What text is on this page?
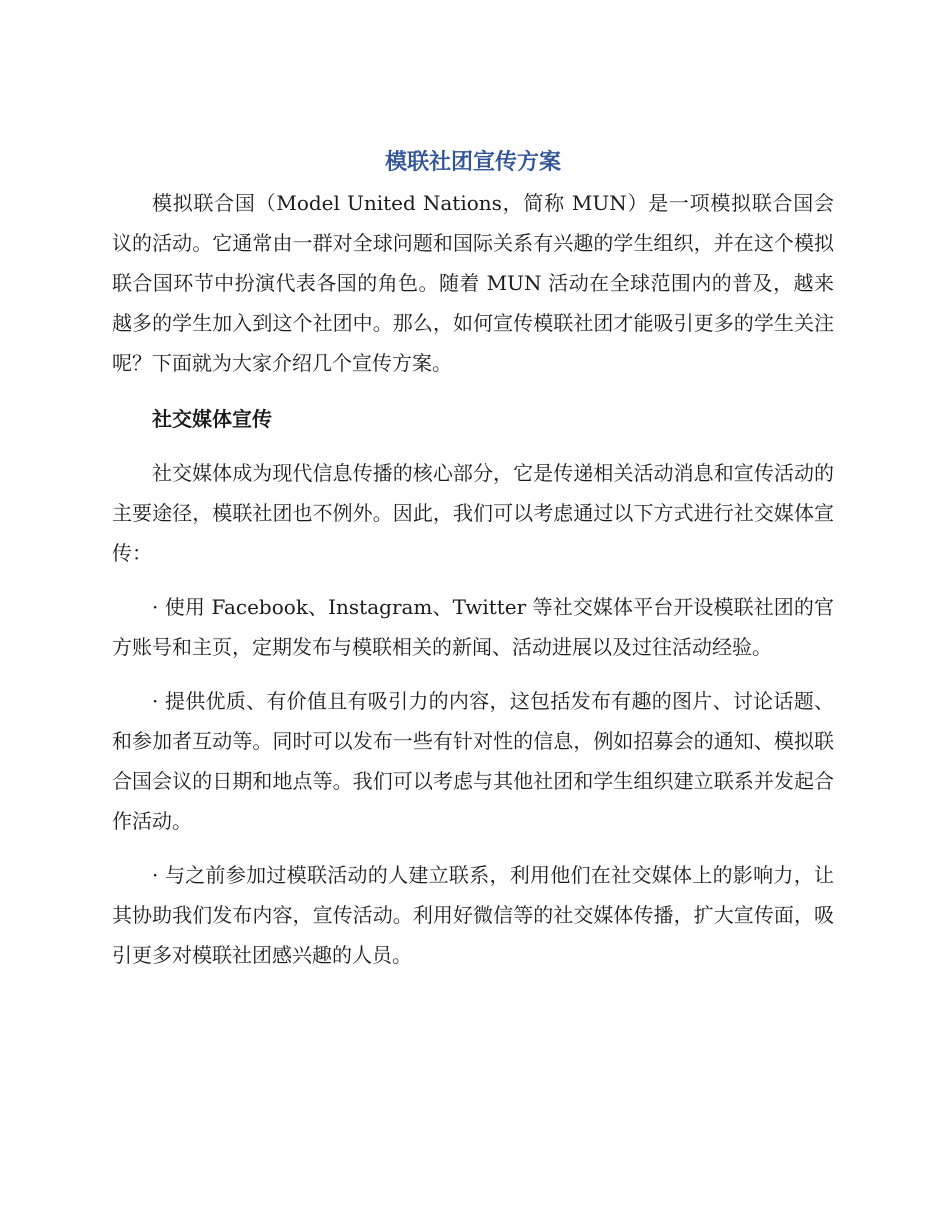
模联社团宣传方案

模拟联合国（Model United Nations，简称 MUN）是一项模拟联合国会议的活动。它通常由一群对全球问题和国际关系有兴趣的学生组织，并在这个模拟联合国环节中扮演代表各国的角色。随着 MUN 活动在全球范围内的普及，越来越多的学生加入到这个社团中。那么，如何宣传模联社团才能吸引更多的学生关注呢？下面就为大家介绍几个宣传方案。

社交媒体宣传

社交媒体成为现代信息传播的核心部分，它是传递相关活动消息和宣传活动的主要途径，模联社团也不例外。因此，我们可以考虑通过以下方式进行社交媒体宣传：

· 使用 Facebook、Instagram、Twitter 等社交媒体平台开设模联社团的官方账号和主页，定期发布与模联相关的新闻、活动进展以及过往活动经验。

· 提供优质、有价值且有吸引力的内容，这包括发布有趣的图片、讨论话题、和参加者互动等。同时可以发布一些有针对性的信息，例如招募会的通知、模拟联合国会议的日期和地点等。我们可以考虑与其他社团和学生组织建立联系并发起合作活动。

· 与之前参加过模联活动的人建立联系，利用他们在社交媒体上的影响力，让其协助我们发布内容，宣传活动。利用好微信等的社交媒体传播，扩大宣传面，吸引更多对模联社团感兴趣的人员。
